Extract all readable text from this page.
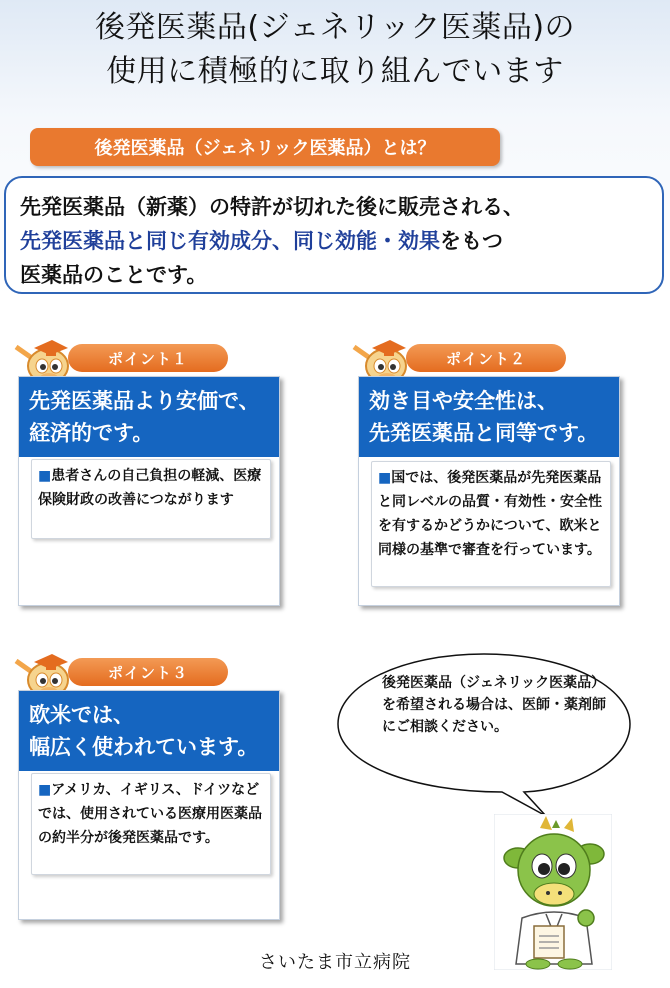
後発医薬品(ジェネリック医薬品)の
使用に積極的に取り組んでいます
後発医薬品（ジェネリック医薬品）とは？
先発医薬品（新薬）の特許が切れた後に販売される、
先発医薬品と同じ有効成分、同じ効能・効果をもつ
医薬品のことです。
ポイント１
先発医薬品より安価で、
経済的です。
■患者さんの自己負担の軽減、医療保険財政の改善につながります
ポイント２
効き目や安全性は、
先発医薬品と同等です。
■国では、後発医薬品が先発医薬品と同レベルの品質・有効性・安全性を有するかどうかについて、欧米と同様の基準で審査を行っています。
ポイント３
欧米では、
幅広く使われています。
■アメリカ、イギリス、ドイツなどでは、使用されている医療用医薬品の約半分が後発医薬品です。
後発医薬品（ジェネリック医薬品）を希望される場合は、医師・薬剤師にご相談ください。
さいたま市立病院
